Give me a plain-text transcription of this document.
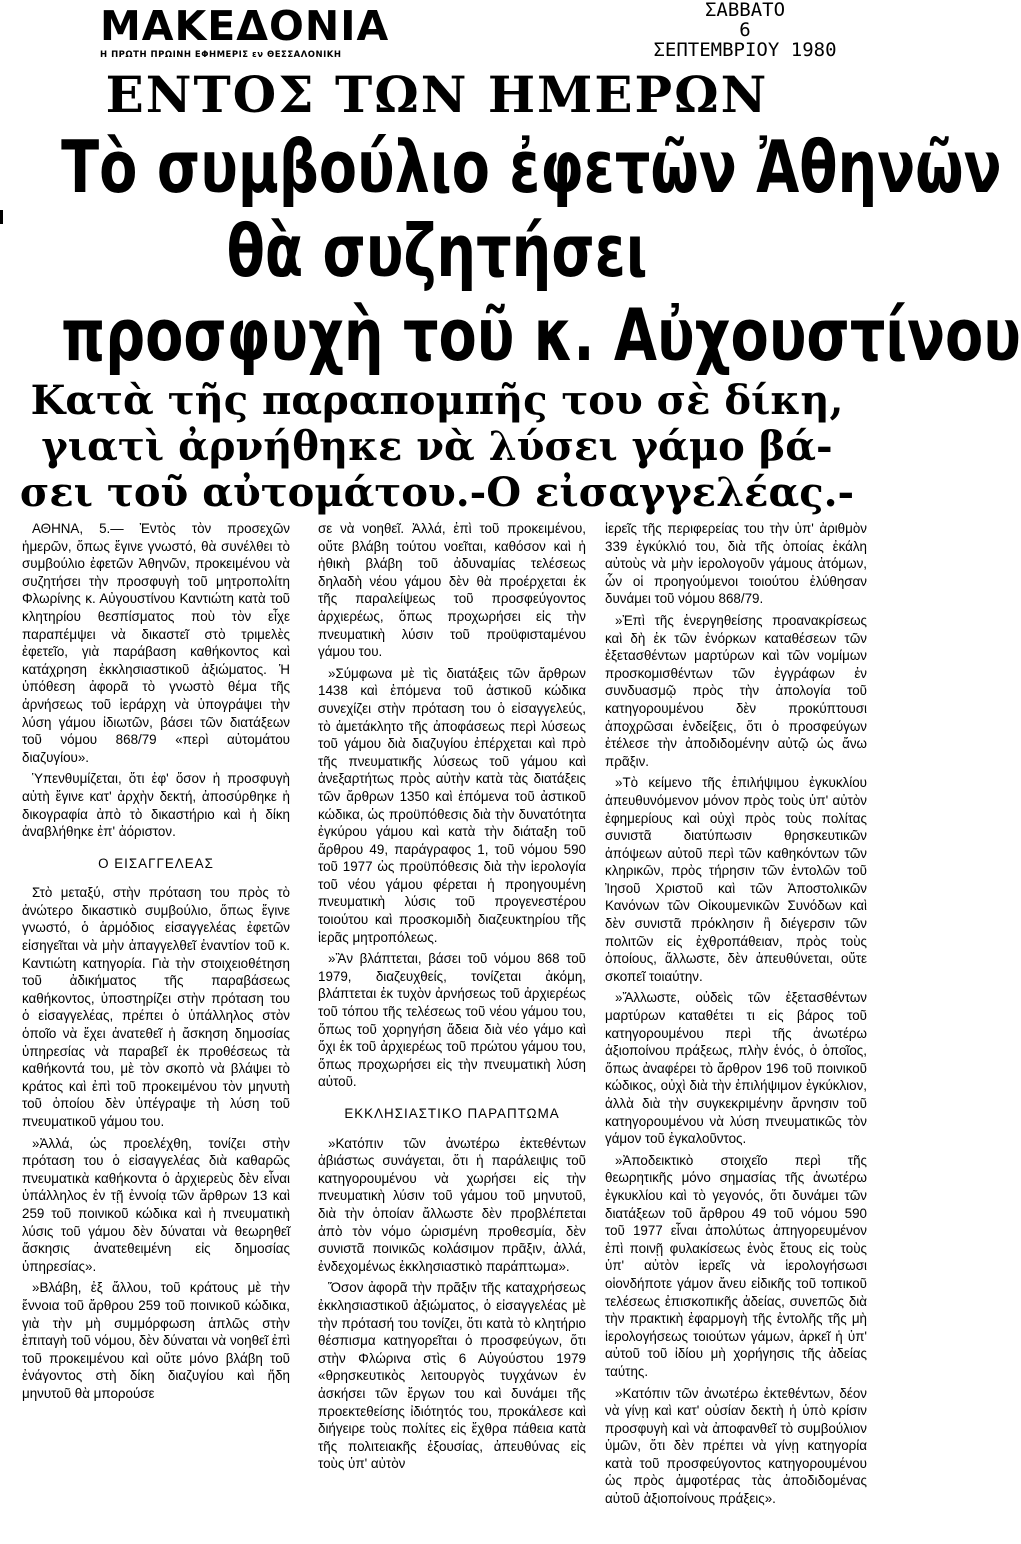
ΜΑΚΕΔΟΝΙΑ
Η ΠΡΩΤΗ ΠΡΩΙΝΗ ΕΦΗΜΕΡΙΣ εν ΘΕΣΣΑΛΟΝΙΚΗ
ΣΑΒΒΑΤΟ
6
ΣΕΠΤΕΜΒΡΙΟΥ 1980
ΕΝΤΟΣ ΤΩΝ ΗΜΕΡΩΝ
Τὸ συμβούλιο ἐφετῶν Ἀθηνῶν
θὰ συζητήσει
προσφυχὴ τοῦ κ. Αὐχουστίνου
Κατὰ τῆς παραπομπῆς του σὲ δίκη,
γιατὶ ἀρνήθηκε νὰ λύσει γάμο βά-
σει τοῦ αὐτομάτου.-Ο εἰσαγγελέας.-

ΑΘΗΝΑ, 5.— Ἐντὸς τὸν προσεχῶν ἡμερῶν, ὅπως ἔγινε γνωστό, θὰ συνέλθει τὸ συμβούλιο ἐφετῶν Ἀθηνῶν, προκειμένου νὰ συζητήσει τὴν προσφυγὴ τοῦ μητροπολίτη Φλωρίνης κ. Αὐγουστίνου Καντιώτη κατὰ τοῦ κλητηρίου θεσπίσματος ποὺ τὸν εἶχε παραπέμψει νὰ δικαστεῖ στὸ τριμελὲς ἐφετεῖο, γιὰ παράβαση καθήκοντος καὶ κατάχρηση ἐκκλησιαστικοῦ ἀξιώματος. Ἡ ὑπόθεση ἀφορᾶ τὸ γνωστὸ θέμα τῆς ἀρνήσεως τοῦ ἱεράρχη νὰ ὑπογράψει τὴν λύση γάμου ἰδιωτῶν, βάσει τῶν διατάξεων τοῦ νόμου 868/79 «περὶ αὐτομάτου διαζυγίου».

Ὑπενθυμίζεται, ὅτι ἐφ' ὅσον ἡ προσφυγὴ αὐτὴ ἔγινε κατ' ἀρχὴν δεκτή, ἀποσύρθηκε ἡ δικογραφία ἀπὸ τὸ δικαστήριο καὶ ἡ δίκη ἀναβλήθηκε ἐπ' ἀόριστον.

Ο ΕΙΣΑΓΓΕΛΕΑΣ

Στὸ μεταξύ, στὴν πρόταση του πρὸς τὸ ἀνώτερο δικαστικὸ συμβούλιο, ὅπως ἔγινε γνωστό, ὁ ἁρμόδιος εἰσαγγελέας ἐφετῶν εἰσηγεῖται νὰ μὴν ἀπαγγελθεῖ ἐναντίον τοῦ κ. Καντιώτη κατηγορία. Γιὰ τὴν στοιχειοθέτηση τοῦ ἀδικήματος τῆς παραβάσεως καθήκοντος, ὑποστηρίζει στὴν πρόταση του ὁ εἰσαγγελέας, πρέπει ὁ ὑπάλληλος στὸν ὁποῖο νὰ ἔχει ἀνατεθεῖ ἡ ἄσκηση δημοσίας ὑπηρεσίας νὰ παραβεῖ ἐκ προθέσεως τὰ καθήκοντά του, μὲ τὸν σκοπὸ νὰ βλάψει τὸ κράτος καὶ ἐπὶ τοῦ προκειμένου τὸν μηνυτὴ τοῦ ὁποίου δὲν ὑπέγραψε τὴ λύση τοῦ πνευματικοῦ γάμου του.

»Ἀλλά, ὡς προελέχθη, τονίζει στὴν πρόταση του ὁ εἰσαγγελέας διὰ καθαρῶς πνευματικὰ καθήκοντα ὁ ἀρχιερεὺς δὲν εἶναι ὑπάλληλος ἐν τῇ ἐννοίᾳ τῶν ἄρθρων 13 καὶ 259 τοῦ ποινικοῦ κώδικα καὶ ἡ πνευματικὴ λύσις τοῦ γάμου δὲν δύναται νὰ θεωρηθεῖ ἄσκησις ἀνατεθειμένη εἰς δημοσίας ὑπηρεσίας».

»Βλάβη, ἐξ ἄλλου, τοῦ κράτους μὲ τὴν ἔννοια τοῦ ἄρθρου 259 τοῦ ποινικοῦ κώδικα, γιὰ τὴν μὴ συμμόρφωση ἁπλῶς στὴν ἐπιταγὴ τοῦ νόμου, δὲν δύναται νὰ νοηθεῖ ἐπὶ τοῦ προκειμένου καὶ οὔτε μόνο βλάβη τοῦ ἐνάγοντος στὴ δίκη διαζυγίου καὶ ἤδη μηνυτοῦ θὰ μπορούσε

σε νὰ νοηθεῖ. Ἀλλά, ἐπὶ τοῦ προκειμένου, οὔτε βλάβη τούτου νοεῖται, καθόσον καὶ ἡ ἠθικὴ βλάβη τοῦ ἀδυναμίας τελέσεως δηλαδὴ νέου γάμου δὲν θὰ προέρχεται ἐκ τῆς παραλείψεως τοῦ προσφεύγοντος ἀρχιερέως, ὅπως προχωρήσει εἰς τὴν πνευματικὴ λύσιν τοῦ προϋφισταμένου γάμου του.

»Σύμφωνα μὲ τὶς διατάξεις τῶν ἄρθρων 1438 καὶ ἑπόμενα τοῦ ἀστικοῦ κώδικα συνεχίζει στὴν πρόταση του ὁ εἰσαγγελεύς, τὸ ἀμετάκλητο τῆς ἀποφάσεως περὶ λύσεως τοῦ γάμου διὰ διαζυγίου ἐπέρχεται καὶ πρὸ τῆς πνευματικῆς λύσεως τοῦ γάμου καὶ ἀνεξαρτήτως πρὸς αὐτὴν κατὰ τὰς διατάξεις τῶν ἄρθρων 1350 καὶ ἑπόμενα τοῦ ἀστικοῦ κώδικα, ὡς προϋπόθεσις διὰ τὴν δυνατότητα ἐγκύρου γάμου καὶ κατὰ τὴν διάταξη τοῦ ἄρθρου 49, παράγραφος 1, τοῦ νόμου 590 τοῦ 1977 ὡς προϋπόθεσις διὰ τὴν ἱερολογία τοῦ νέου γάμου φέρεται ἡ προηγουμένη πνευματικὴ λύσις τοῦ προγενεστέρου τοιούτου καὶ προσκομιδὴ διαζευκτηρίου τῆς ἱερᾶς μητροπόλεως.

»Ἂν βλάπτεται, βάσει τοῦ νόμου 868 τοῦ 1979, διαζευχθείς, τονίζεται ἀκόμη, βλάπτεται ἐκ τυχὸν ἀρνήσεως τοῦ ἀρχιερέως τοῦ τόπου τῆς τελέσεως τοῦ νέου γάμου του, ὅπως τοῦ χορηγήση ἄδεια διὰ νέο γάμο καὶ ὄχι ἐκ τοῦ ἀρχιερέως τοῦ πρώτου γάμου του, ὅπως προχωρήσει εἰς τὴν πνευματικὴ λύση αὐτοῦ.

ΕΚΚΛΗΣΙΑΣΤΙΚΟ ΠΑΡΑΠΤΩΜΑ

»Κατόπιν τῶν ἀνωτέρω ἐκτεθέντων ἀβιάστως συνάγεται, ὅτι ἡ παράλειψις τοῦ κατηγορουμένου νὰ χωρήσει εἰς τὴν πνευματικὴ λύσιν τοῦ γάμου τοῦ μηνυτοῦ, διὰ τὴν ὁποίαν ἄλλωστε δὲν προβλέπεται ἀπὸ τὸν νόμο ὡρισμένη προθεσμία, δὲν συνιστᾶ ποινικῶς κολάσιμον πρᾶξιν, ἀλλά, ἐνδεχομένως ἐκκλησιαστικὸ παράπτωμα».

Ὅσον ἀφορᾶ τὴν πρᾶξιν τῆς καταχρήσεως ἐκκλησιαστικοῦ ἀξιώματος, ὁ εἰσαγγελέας μὲ τὴν πρότασή του τονίζει, ὅτι κατὰ τὸ κλητήριο θέσπισμα κατηγορεῖται ὁ προσφεύγων, ὅτι στὴν Φλώρινα στὶς 6 Αὐγούστου 1979 «θρησκευτικὸς λειτουργὸς τυγχάνων ἐν ἀσκήσει τῶν ἔργων του καὶ δυνάμει τῆς προεκτεθείσης ἰδιότητός του, προκάλεσε καὶ διήγειρε τοὺς πολίτες εἰς ἔχθρα πάθεια κατὰ τῆς πολιτειακῆς ἐξουσίας, ἀπευθύνας εἰς τοὺς ὑπ' αὐτὸν

ἱερεῖς τῆς περιφερείας του τὴν ὑπ' ἀριθμὸν 339 ἐγκύκλιό του, διὰ τῆς ὁποίας ἐκάλη αὐτοὺς νὰ μὴν ἱερολογοῦν γάμους ἀτόμων, ὧν οἱ προηγούμενοι τοιούτου ἐλύθησαν δυνάμει τοῦ νόμου 868/79.

»Ἐπὶ τῆς ἐνεργηθείσης προανακρίσεως καὶ δὴ ἐκ τῶν ἐνόρκων καταθέσεων τῶν ἐξετασθέντων μαρτύρων καὶ τῶν νομίμων προσκομισθέντων τῶν ἐγγράφων ἐν συνδυασμῷ πρὸς τὴν ἀπολογία τοῦ κατηγορουμένου δὲν προκύπτουσι ἀποχρῶσαι ἐνδείξεις, ὅτι ὁ προσφεύγων ἐτέλεσε τὴν ἀποδιδομένην αὐτῷ ὡς ἄνω πρᾶξιν.

»Τὸ κείμενο τῆς ἐπιλήψιμου ἐγκυκλίου ἀπευθυνόμενον μόνον πρὸς τοὺς ὑπ' αὐτὸν ἐφημερίους καὶ οὐχὶ πρὸς τοὺς πολίτας συνιστᾶ διατύπωσιν θρησκευτικῶν ἀπόψεων αὐτοῦ περὶ τῶν καθηκόντων τῶν κληρικῶν, πρὸς τήρησιν τῶν ἐντολῶν τοῦ Ἰησοῦ Χριστοῦ καὶ τῶν Ἀποστολικῶν Κανόνων τῶν Οἰκουμενικῶν Συνόδων καὶ δὲν συνιστᾶ πρόκλησιν ἢ διέγερσιν τῶν πολιτῶν εἰς ἐχθροπάθειαν, πρὸς τοὺς ὁποίους, ἄλλωστε, δὲν ἀπευθύνεται, οὔτε σκοπεῖ τοιαύτην.

»Ἄλλωστε, οὐδεὶς τῶν ἐξετασθέντων μαρτύρων καταθέτει τι εἰς βάρος τοῦ κατηγορουμένου περὶ τῆς ἀνωτέρω ἀξιοποίνου πράξεως, πλὴν ἑνός, ὁ ὁποῖος, ὅπως ἀναφέρει τὸ ἄρθρον 196 τοῦ ποινικοῦ κώδικος, οὐχὶ διὰ τὴν ἐπιλήψιμον ἐγκύκλιον, ἀλλὰ διὰ τὴν συγκεκριμένην ἄρνησιν τοῦ κατηγορουμένου νὰ λύση πνευματικῶς τὸν γάμον τοῦ ἐγκαλοῦντος.

»Ἀποδεικτικὸ στοιχεῖο περὶ τῆς θεωρητικῆς μόνο σημασίας τῆς ἀνωτέρω ἐγκυκλίου καὶ τὸ γεγονός, ὅτι δυνάμει τῶν διατάξεων τοῦ ἄρθρου 49 τοῦ νόμου 590 τοῦ 1977 εἶναι ἀπολύτως ἀπηγορευμένον ἐπὶ ποινῇ φυλακίσεως ἑνὸς ἔτους εἰς τοὺς ὑπ' αὐτὸν ἱερεῖς νὰ ἱερολογήσωσι οἱονδήποτε γάμον ἄνευ εἰδικῆς τοῦ τοπικοῦ τελέσεως ἐπισκοπικῆς ἀδείας, συνεπῶς διὰ τὴν πρακτικὴ ἐφαρμογὴ τῆς ἐντολῆς τῆς μὴ ἱερολογήσεως τοιούτων γάμων, ἀρκεῖ ἡ ὑπ' αὐτοῦ τοῦ ἰδίου μὴ χορήγησις τῆς ἀδείας ταύτης.

»Κατόπιν τῶν ἀνωτέρω ἐκτεθέντων, δέον νὰ γίνῃ καὶ κατ' οὐσίαν δεκτὴ ἡ ὑπὸ κρίσιν προσφυγὴ καὶ νὰ ἀποφανθεῖ τὸ συμβούλιον ὑμῶν, ὅτι δὲν πρέπει νὰ γίνῃ κατηγορία κατὰ τοῦ προσφεύγοντος κατηγορουμένου ὡς πρὸς ἀμφοτέρας τὰς ἀποδιδομένας αὐτοῦ ἀξιοποίνους πράξεις».
